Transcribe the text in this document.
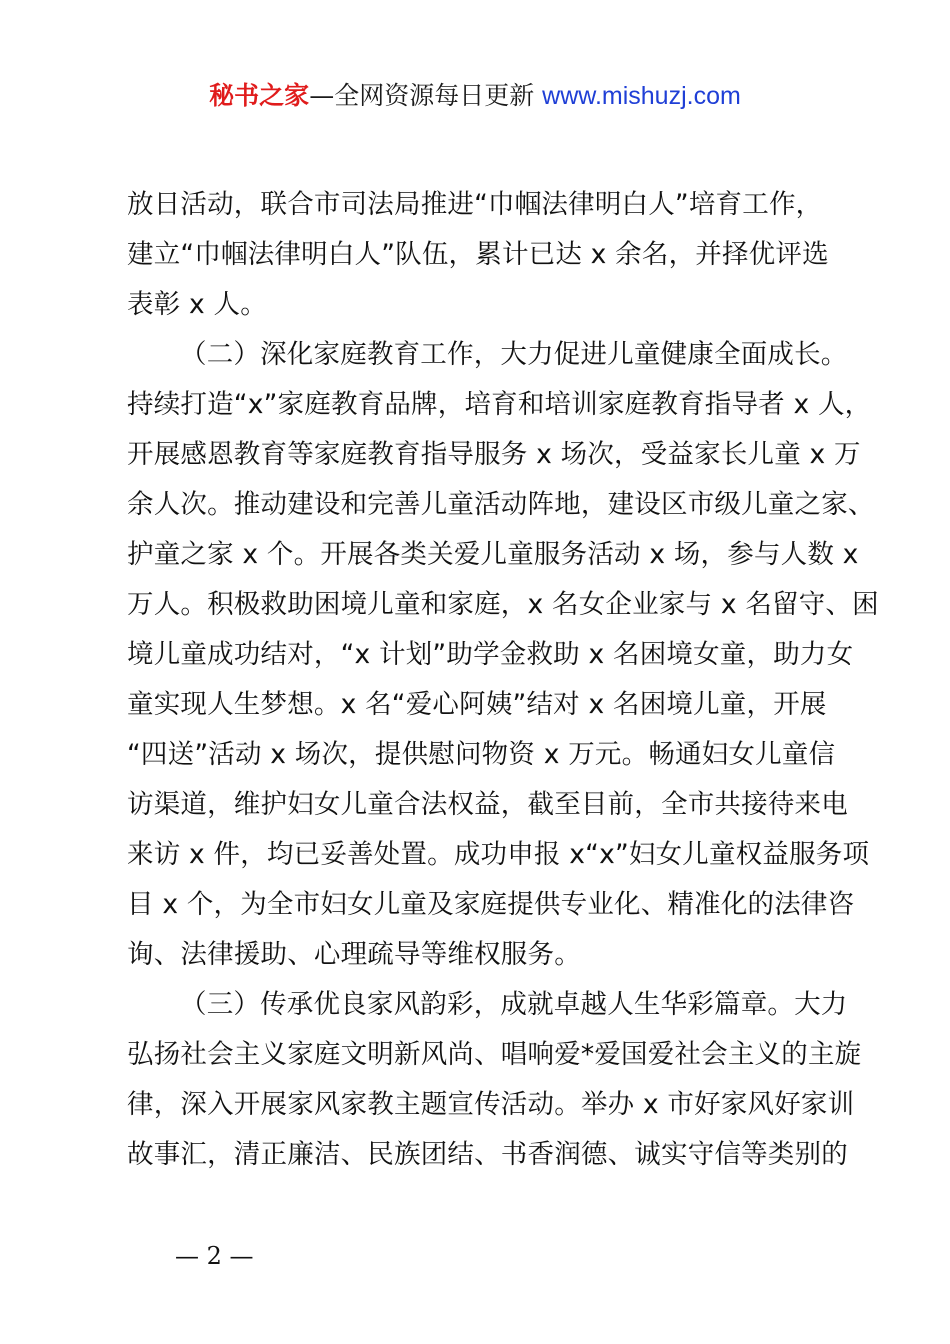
秘书之家—全网资源每日更新 www.mishuzj.com
放日活动，联合市司法局推进“巾帼法律明白人”培育工作，
建立“巾帼法律明白人”队伍，累计已达 x 余名，并择优评选
表彰 x 人。
（二）深化家庭教育工作，大力促进儿童健康全面成长。
持续打造“x”家庭教育品牌，培育和培训家庭教育指导者 x 人，
开展感恩教育等家庭教育指导服务 x 场次，受益家长儿童 x 万
余人次。推动建设和完善儿童活动阵地，建设区市级儿童之家、
护童之家 x 个。开展各类关爱儿童服务活动 x 场，参与人数 x
万人。积极救助困境儿童和家庭，x 名女企业家与 x 名留守、困
境儿童成功结对，“x 计划”助学金救助 x 名困境女童，助力女
童实现人生梦想。x 名“爱心阿姨”结对 x 名困境儿童，开展
“四送”活动 x 场次，提供慰问物资 x 万元。畅通妇女儿童信
访渠道，维护妇女儿童合法权益，截至目前，全市共接待来电
来访 x 件，均已妥善处置。成功申报 x“x”妇女儿童权益服务项
目 x 个，为全市妇女儿童及家庭提供专业化、精准化的法律咨
询、法律援助、心理疏导等维权服务。
（三）传承优良家风韵彩，成就卓越人生华彩篇章。大力
弘扬社会主义家庭文明新风尚、唱响爱*爱国爱社会主义的主旋
律，深入开展家风家教主题宣传活动。举办 x 市好家风好家训
故事汇，清正廉洁、民族团结、书香润德、诚实守信等类别的
— 2 —
